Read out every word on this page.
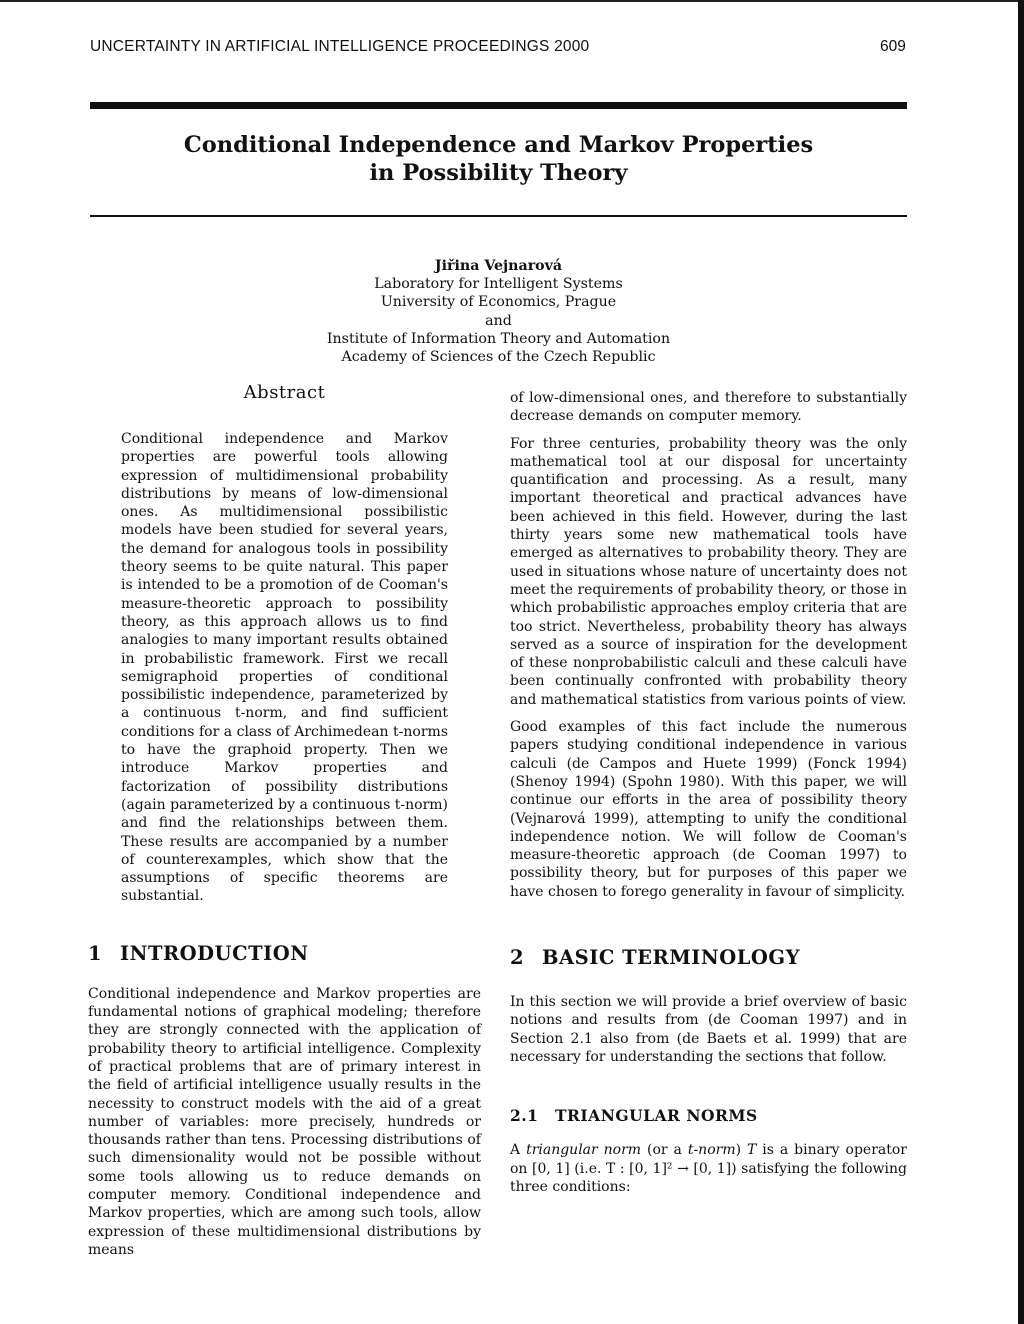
UNCERTAINTY IN ARTIFICIAL INTELLIGENCE PROCEEDINGS 2000	609
Conditional Independence and Markov Properties
in Possibility Theory
Jiřina Vejnarová
Laboratory for Intelligent Systems
University of Economics, Prague
and
Institute of Information Theory and Automation
Academy of Sciences of the Czech Republic
Abstract

Conditional independence and Markov properties are powerful tools allowing expression of multidimensional probability distributions by means of low-dimensional ones. As multidimensional possibilistic models have been studied for several years, the demand for analogous tools in possibility theory seems to be quite natural. This paper is intended to be a promotion of de Cooman's measure-theoretic approach to possibility theory, as this approach allows us to find analogies to many important results obtained in probabilistic framework. First we recall semigraphoid properties of conditional possibilistic independence, parameterized by a continuous t-norm, and find sufficient conditions for a class of Archimedean t-norms to have the graphoid property. Then we introduce Markov properties and factorization of possibility distributions (again parameterized by a continuous t-norm) and find the relationships between them. These results are accompanied by a number of counterexamples, which show that the assumptions of specific theorems are substantial.

1 INTRODUCTION

Conditional independence and Markov properties are fundamental notions of graphical modeling; therefore they are strongly connected with the application of probability theory to artificial intelligence. Complexity of practical problems that are of primary interest in the field of artificial intelligence usually results in the necessity to construct models with the aid of a great number of variables: more precisely, hundreds or thousands rather than tens. Processing distributions of such dimensionality would not be possible without some tools allowing us to reduce demands on computer memory. Conditional independence and Markov properties, which are among such tools, allow expression of these multidimensional distributions by means

of low-dimensional ones, and therefore to substantially decrease demands on computer memory.

For three centuries, probability theory was the only mathematical tool at our disposal for uncertainty quantification and processing. As a result, many important theoretical and practical advances have been achieved in this field. However, during the last thirty years some new mathematical tools have emerged as alternatives to probability theory. They are used in situations whose nature of uncertainty does not meet the requirements of probability theory, or those in which probabilistic approaches employ criteria that are too strict. Nevertheless, probability theory has always served as a source of inspiration for the development of these nonprobabilistic calculi and these calculi have been continually confronted with probability theory and mathematical statistics from various points of view.

Good examples of this fact include the numerous papers studying conditional independence in various calculi (de Campos and Huete 1999) (Fonck 1994) (Shenoy 1994) (Spohn 1980). With this paper, we will continue our efforts in the area of possibility theory (Vejnarová 1999), attempting to unify the conditional independence notion. We will follow de Cooman's measure-theoretic approach (de Cooman 1997) to possibility theory, but for purposes of this paper we have chosen to forego generality in favour of simplicity.

2 BASIC TERMINOLOGY

In this section we will provide a brief overview of basic notions and results from (de Cooman 1997) and in Section 2.1 also from (de Baets et al. 1999) that are necessary for understanding the sections that follow.

2.1 TRIANGULAR NORMS

A triangular norm (or a t-norm) T is a binary operator on [0, 1] (i.e. T : [0, 1]² → [0, 1]) satisfying the following three conditions:
